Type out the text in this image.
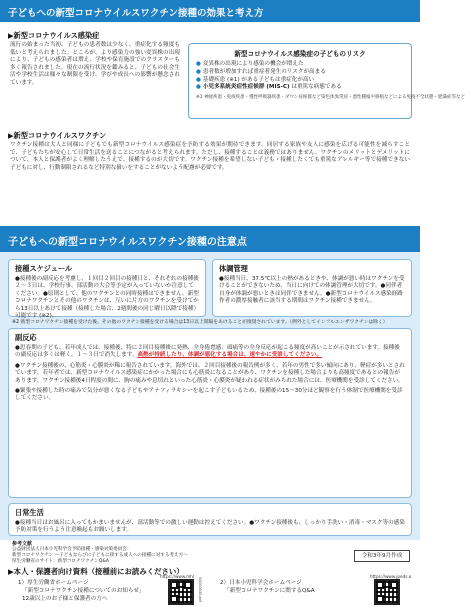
子どもへの新型コロナウイルスワクチン接種の効果と考え方
▶新型コロナウイルス感染症
流行の始まった当初、子どもの患者数は少なく、重症化する頻度も低いと考えられました。ところが、より感染力の強い変異株の出現により、子どもの感染者は増え、学校や保育施設でのクラスターも多く報告されました。現在の流行状況を鑑みると、子どもの社会生活や学校生活は様々な制限を受け、学びや成長への影響が懸念されています。
新型コロナウイルス感染症の子どものリスク
● 変異株の出現により感染の機会が増えた
● 患者数が増加すれば重症者発生のリスクが高まる
● 基礎疾患 (※1) がある子どもは重症化が高い
● 小児多系統炎症性症候群 (MIS-C) は重篤な病態である
※1 神経疾患・免疫疾患・慢性呼吸器疾患・ダウン症候群など染色体異常症・悪性腫瘍や移植などによる免疫不全状態・肥満症等など
▶新型コロナウイルスワクチン
ワクチン接種は大人と同様に子どもでも新型コロナウイルス感染症を予防する効果が期待できます。同居する家族や友人に感染を広げる可能性を減らすことで、子どもたちが安心して日常生活を送ることにつながると考えられます。ただし、接種することは義務ではありません。ワクチンのメリットとデメリットについて、本人と保護者がよく理解したうえで、接種するのが大切です。ワクチン接種を希望しない子ども・接種したくても重篤なアレルギー等で接種できない子どもに対し、行動制限されるなど特別な扱いをすることがないよう配慮が必要です。
子どもへの新型コロナウイルスワクチン接種の注意点
接種スケジュール
●接種後の副反応を考慮し、１回目２回目の接種日と、それぞれの接種後２〜３日は、学校行事、部活動の大会等予定が入っていないか注意してください。●原則として、他のワクチンとの同時接種はできません。新型コロナワクチンとその他のワクチンは、互いに片方のワクチンを受けてから13日以上あけて接種（接種した場合、2週間後の同じ曜日以降で接種）可能です (※2)。
体調管理
●接種当日、37.5℃以上の熱があるときや、体調が悪い時はワクチンを受けることができないため、当日に向けての体調管理が大切です。●同伴者自身が体調が悪いときは同伴できません。●新型コロナウイルス感染経路作者の濃厚接触者に該当する期間はワクチン接種できません。
※2 新型コロナワクチン接種を受けた後、その他のワクチン接種を受ける場合は13日以上間隔をあけることが推奨されています。（例外としてインフルエンザワクチンは除く）
副反応
●思春期の子ども、若年成人では、接種後、特に２回目接種後に発熱、全身倦怠感、頭痛等の全身反応が起こる頻度が高いことが示されています。接種後の副反応は多くは軽く、１〜３日で消失します。高熱が持続したり、体調が悪化する場合は、速やかに受診してください。
●ワクチン接種後の、心筋炎・心膜炎が稀に報告されています。海外では、２回目接種後の報告例が多く、若年の男性で多い傾向にあり、軽症が多いとされています。若年者では、新型コロナウイルス感染症にかかった場合にも心筋炎になることがあり、ワクチンを接種した場合よりも高頻度であるとの報告があります。ワクチン接種後4日程度の間に、胸の痛みや息切れといった心筋炎・心膜炎が疑われる症状がみられた場合には、医療機関を受診してください。
●緊張や接種した時の痛みで気分が悪くなる子どもやアナフィラキシーを起こす子どもいるため、接種後の15〜30分ほど観察を行う体制で医療機関を受診してください。
日常生活
●接種当日はお風呂に入ってもかまいませんが、部活動等での激しい運動は控えてください。●ワクチン接種後も、しっかり手洗い・消毒・マスク等の感染予防対策を行うよう注意喚起もお願いします。
参考文献
公益財団法人日本小児科学会予防接種・感染対策委員会：
新型コロナワクチン 〜子どもならびに子どもに接する成人への接種に対する考え方〜
厚生労働省のサイト：新型コロナワクチンQ&A
令和3年9月作成
▶本人・保護者向け資料（接種前にお読みください）
1）厚生労働省ホームページ
「新型コロナワクチン接種についてのお知らせ」
12歳以上のお子様と保護者の方へ
https://www.mhl
l00000535.pdf	2）日本小児科学会ホームページ
「新型コロナワクチンに関するQ&A
https://www.jpeds.o
